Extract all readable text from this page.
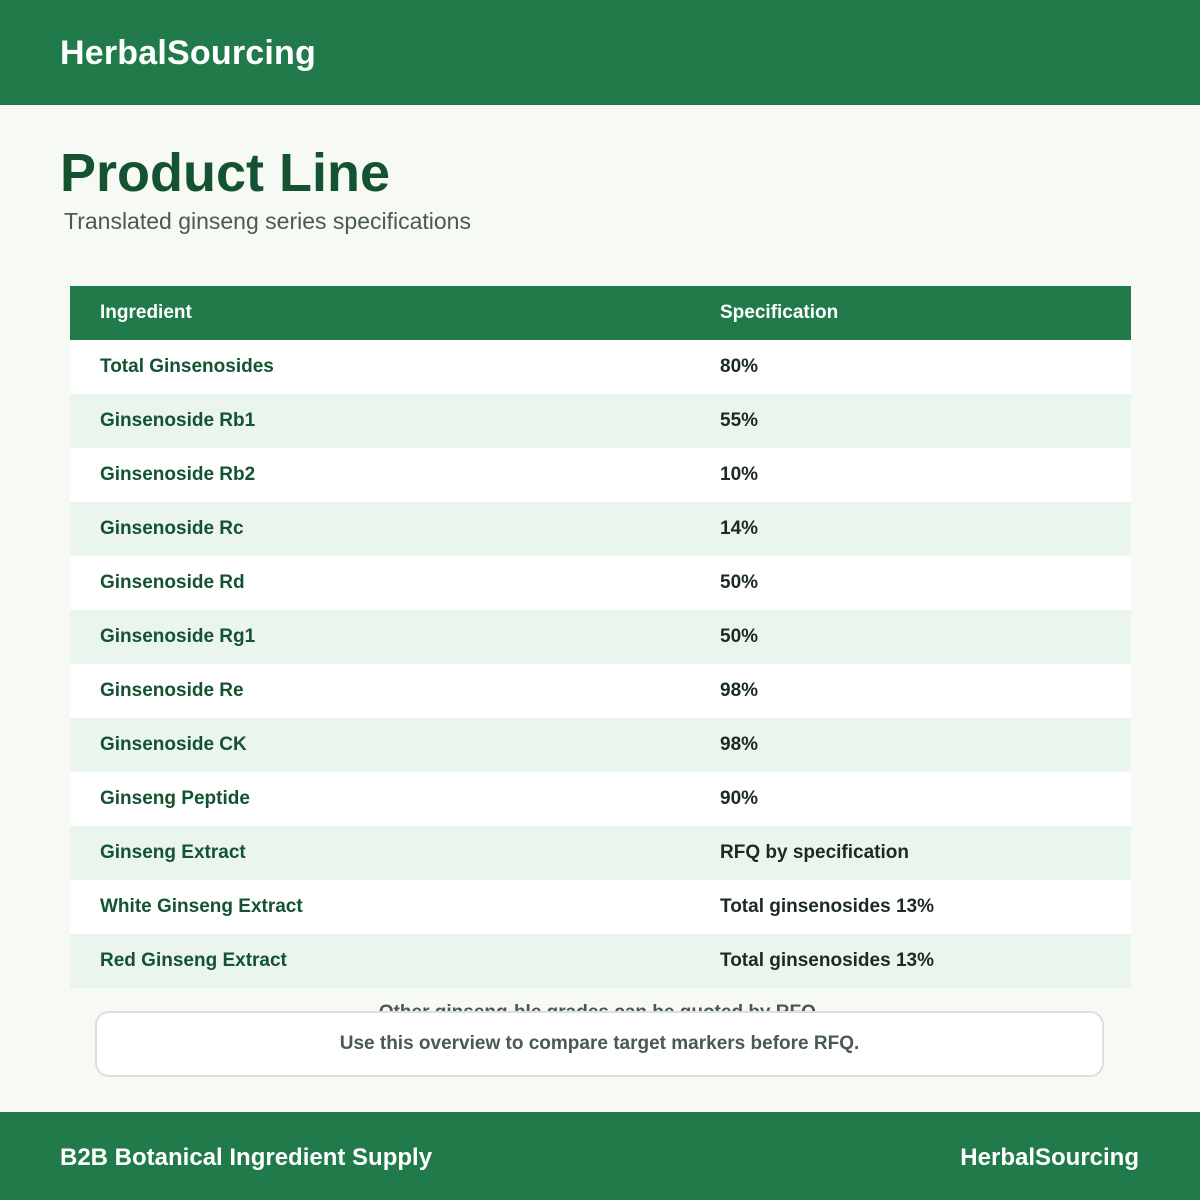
HerbalSourcing
Product Line
Translated ginseng series specifications
Ingredient	Specification
Total Ginsenosides	80%
Ginsenoside Rb1	55%
Ginsenoside Rb2	10%
Ginsenoside Rc	14%
Ginsenoside Rd	50%
Ginsenoside Rg1	50%
Ginsenoside Re	98%
Ginsenoside CK	98%
Ginseng Peptide	90%
Ginseng Extract	RFQ by specification
White Ginseng Extract	Total ginsenosides 13%
Red Ginseng Extract	Total ginsenosides 13%
Use this overview to compare target markers before RFQ.
B2B Botanical Ingredient Supply	HerbalSourcing
